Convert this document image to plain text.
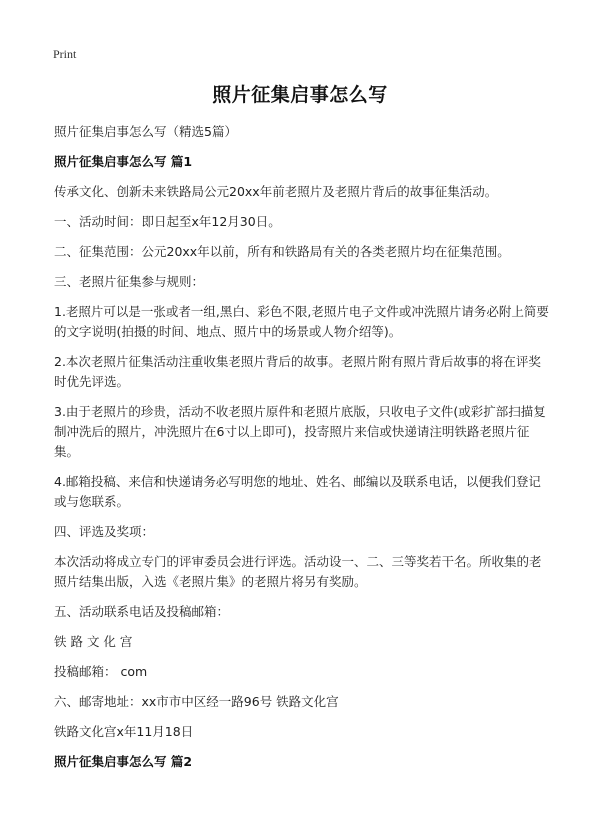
Print
照片征集启事怎么写

照片征集启事怎么写（精选5篇）

照片征集启事怎么写 篇1

传承文化、创新未来铁路局公元20xx年前老照片及老照片背后的故事征集活动。

一、活动时间：即日起至x年12月30日。

二、征集范围：公元20xx年以前，所有和铁路局有关的各类老照片均在征集范围。

三、老照片征集参与规则：

1.老照片可以是一张或者一组,黑白、彩色不限,老照片电子文件或冲洗照片请务必附上简要的文字说明(拍摄的时间、地点、照片中的场景或人物介绍等)。

2.本次老照片征集活动注重收集老照片背后的故事。老照片附有照片背后故事的将在评奖时优先评选。

3.由于老照片的珍贵，活动不收老照片原件和老照片底版，只收电子文件(或彩扩部扫描复制冲洗后的照片，冲洗照片在6寸以上即可)，投寄照片来信或快递请注明铁路老照片征集。

4.邮箱投稿、来信和快递请务必写明您的地址、姓名、邮编以及联系电话，以便我们登记或与您联系。

四、评选及奖项：

本次活动将成立专门的评审委员会进行评选。活动设一、二、三等奖若干名。所收集的老照片结集出版，入选《老照片集》的老照片将另有奖励。

五、活动联系电话及投稿邮箱：

铁 路 文 化 宫

投稿邮箱： com

六、邮寄地址：xx市市中区经一路96号 铁路文化宫

铁路文化宫x年11月18日

照片征集启事怎么写 篇2
